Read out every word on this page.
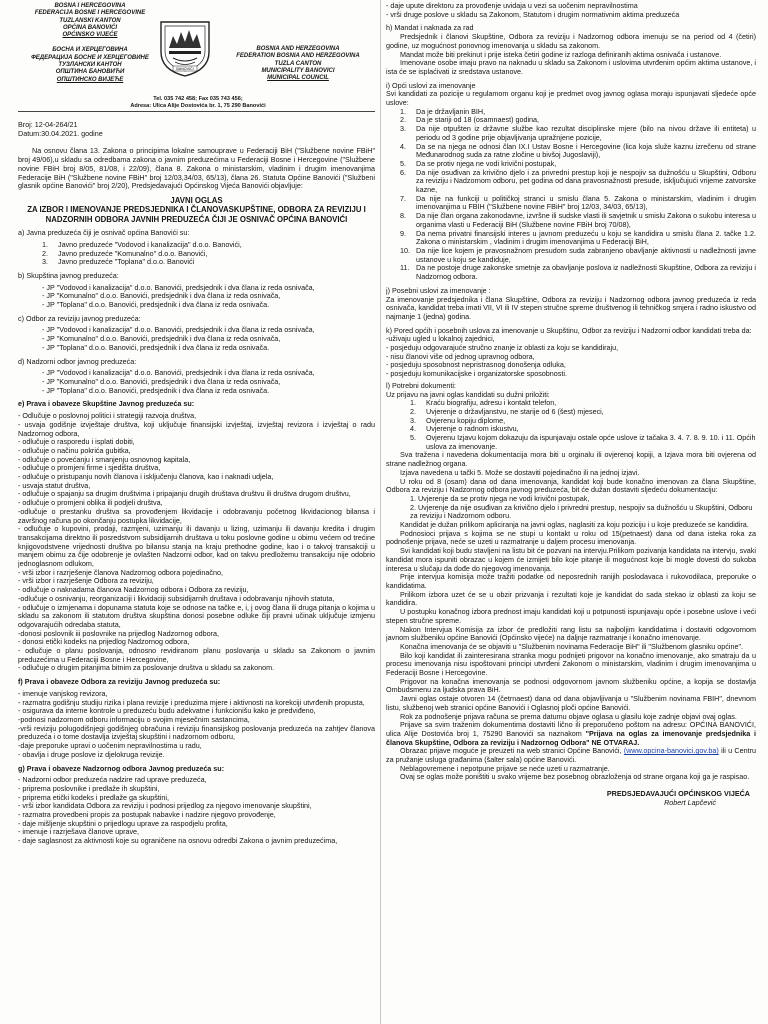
BOSNA I HERCEGOVINA

FEDERACIJA BOSNE I HERCEGOVINE

TUZLANSKI KANTON

OPĆINA BANOVIĆI

OPĆINSKO VIJEĆE

БОСНА И ХЕРЦЕГОВИНА

ФЕДЕРАЦИЈА БОСНЕ И ХЕРЦЕГОВИНЕ

ТУЗЛАНСКИ КАНТОН

ОПШТИНА БАНОВИЋИ

ОПШТИНСКО ВИЈЕЋЕ

BANOVIĆI

BOSNIA AND HERZEGOVINA

FEDERATION BOSNIA AND HERZEGOVINA

TUZLA CANTON

MUNICIPALITY BANOVICI

MUNICIPAL COUNCIL

Tel. 035 742 458; Fax 035 743 456;
Adresa: Ulica Alije Dostovića br. 1, 75 290 Banovići

Broj: 12-04-264/21

Datum:30.04.2021. godine

Na osnovu člana 13. Zakona o principima lokalne samouprave u Federaciji BiH ("Službene novine FBiH" broj 49/06),u skladu sa odredbama zakona o javnim preduzećima u Federaciji Bosne i Hercegovine ("Službene novine FBiH broj 8/05, 81/08, i 22/09), člana 8. Zakona o ministarskim, vladinim i drugim imenovanjima Federacije BiH ("Službene novine FBiH" broj 12/03,34/03, 65/13), člana 26. Statuta Općine Banovići ("Službeni glasnik općine Banovići" broj 2/20), Predsjedavajući Općinskog Vijeća Banovići objavljuje:

JAVNI OGLAS

ZA IZBOR I IMENOVANJE PREDSJEDNIKA I ČLANOVASKUPŠTINE, ODBORA ZA REVIZIJU I NADZORNIH ODBORA JAVNIH PREDUZEĆA ČIJI JE OSNIVAČ OPĆINA BANOVIĆI

a) Javna preduzeća čiji je osnivač općina Banovići su:

1.	Javno preduzeće "Vodovod i kanalizacija" d.o.o. Banovići,
2.	Javno preduzeće "Komunalno" d.o.o. Banovići,
3.	Javno preduzeće "Toplana" d.o.o. Banovići

b) Skupština javnog preduzeća:

- JP "Vodovod i kanalizacija" d.o.o. Banovići, predsjednik i dva člana iz reda osnivača,

- JP "Komunalno" d.o.o. Banovići, predsjednik i dva člana iz reda osnivača,

- JP "Toplana" d.o.o. Banovići, predsjednik i dva člana iz reda osnivača.

c) Odbor za reviziju javnog preduzeća:

- JP "Vodovod i kanalizacija" d.o.o. Banovići, predsjednik i dva člana iz reda osnivača,

- JP "Komunalno" d.o.o. Banovići, predsjednik i dva člana iz reda osnivača,

- JP "Toplana" d.o.o. Banovići, predsjednik i dva člana iz reda osnivača.

d) Nadzorni odbor javnog preduzeća:

- JP "Vodovod i kanalizacija" d.o.o. Banovići, predsjednik i dva člana iz reda osnivača,

- JP "Komunalno" d.o.o. Banovići, predsjednik i dva člana iz reda osnivača,

- JP "Toplana" d.o.o. Banovići, predsjednik i dva člana iz reda osnivača.

e) Prava i obaveze Skupštine Javnog preduzeća su:

- Odlučuje o poslovnoj politici i strategiji razvoja društva,

- usvaja godišnje izvještaje društva, koji uključuje finansijski izvještaj, izvještaj revizora i izvještaj o radu Nadzornog odbora,

- odlučuje o rasporedu i isplati dobiti,

- odlučuje o načinu pokrića gubitka,

- odlučuje o povećanju i smanjenju osnovnog kapitala,

- odlučuje o promjeni firme i sjedišta društva,

- odlučuje o pristupanju novih članova i isključenju članova, kao i naknadi udjela,

- usvaja statut društva,

- odlučuje o spajanju sa drugim društvima i pripajanju drugih društava društvu ili društva drugom društvu,

- odlučuje o promjeni oblika ili podjeli društva,

-odlučuje o prestanku društva sa provođenjem likvidacije i odobravanju početnog likvidacionog bilansa i završnog računa po okončanju postupka likvidacije,

- odlučuje o kupovini, prodaji, razmjeni, uzimanju ili davanju u lizing, uzimanju ili davanju kredita i drugim transakcijama direktno ili posredstvom subsidijarnih društava u toku poslovne godine u obimu većem od trećine knjigovodstvene vrijednosti društva po bilansu stanja na kraju prethodne godine, kao i o takvoj transakciji u manjem obimu za čije odobrenje je ovlašten Nadzorni odbor, kad on takvu predložemu transakciju nije odobrio jednoglasnom odlukom,

- vrši izbor i razrješenje članova Nadzornog odbora pojedinačno,

- vrši izbor i razrješenje Odbora za reviziju,

- odlučuje o naknadama članova Nadzornog odbora i Odbora za reviziju,

-odlučuje o osnivanju, reorganizaciji i likvidaciji subsidijarnih društava i odobravanju njihovih statuta,

- odlučuje o izmjenama i dopunama statuta koje se odnose na tačke e, i, j ovog člana ili druga pitanja o kojima u skladu sa zakonom ili statutom društva skupština donosi posebne odluke čiji pravni učinak uključuje izmjenu odgovarajućih odredaba statuta,

-donosi poslovnik iii poslovnike na prijedlog Nadzornog odbora,

- donosi etički kodeks na prijedlog Nadzornog odbora,

- odlučuje o planu poslovanja, odnosno revidiranom planu poslovanja u skladu sa Zakonom o javnim preduzećima u Federaciji Bosne i Hercegovine,

- odlučuje o drugim pitanjima bitnim za poslovanje društva u skladu sa zakonom.

f) Prava i obaveze Odbora za reviziju Javnog preduzeća su:

- imenuje vanjskog revizora,

- razmatra godišnju studiju rizika i plana revizije i preduzima mjere i aktivnosti na korekciji utvrđenih propusta,

- osigurava da interne kontrole u preduzeću budu adekvatne i funkcionišu kako je predviđeno,

-podnosi nadzornom odboru informaciju o svojim mjesečnim sastancima,

-vrši reviziju polugodišnjegi godišnjeg obračuna i reviziju finansijskog poslovanja preduzeća na zahtjev članova preduzeća i o tome dostavlja izvještaj skupštini i nadzornom odboru,

-daje preporuke upravi o uočenim nepravilnostima u radu,

- obavlja i druge poslove iz djelokruga revizije.

g) Prava i obaveze Nadzornog odbora Javnog preduzeća su:

- Nadzorni odbor preduzeća nadzire rad uprave preduzeća,

- priprema poslovnike i predlaže ih skupštini,

- priprema etički kodeks i predlaže ga skupštini,

- vrši izbor kandidata Odbora za reviziju i podnosi prijedlog za njegovo imenovanje skupštini,

- razmatra provedbeni propis za postupak nabavke i nadzire njegovo provođenje,

- daje mišljenje skupštini o prijedlogu uprave za raspodjelu profita,

- imenuje i razrješava članove uprave,

- daje saglasnost za aktivnosti koje su ograničene na osnovu odredbi Zakona o javnim preduzećima,

- daje upute direktoru za provođenje uvidaja u vezi sa uočenim nepravilnostima

- vrši druge poslove u skladu sa Zakonom, Statutom i drugim normativnim aktima preduzeća

h) Mandat i naknada za rad

Predsjednik i članovi Skupštine, Odbora za reviziju i Nadzornog odbora imenuju se na period od 4 (četiri) godine, uz mogućnost ponovnog imenovanja u skladu sa zakonom.

Mandat može biti prekinut i prije isteka četiri godine iz razloga definiranih aktima osnivača i ustanove.

Imenovane osobe imaju pravo na naknadu u skladu sa Zakonom i uslovima utvrđenim općim aktima ustanove, i ista će se isplaćivati iz sredstava ustanove.

i) Opći uslovi za imenovanje

Svi kandidati za pozicije u regulamom organu koji je predmet ovog javnog oglasa moraju ispunjavati sljedeće opće uslove:

1.	Da je državljanin BIH,
2.	Da je stariji od 18 (osamnaest) godina,
3.	Da nije otpušten iz državne službe kao rezultat disciplinske mjere (bilo na nivou države ili entiteta) u periodu od 3 godine prije objavljivanja upražnjene pozicije,
4.	Da se na njega ne odnosi član IX.I Ustav Bosne i Hercegovine (lica koja služe kaznu izrečenu od strane Međunarodnog suda za ratne zločine u bivšoj Jugoslaviji),
5.	Da se protiv njega ne vodi krivični postupak,
6.	Da nije osuđivan za krivično djelo i za privredni prestup koji je nespojiv sa dužnošću u Skupštini, Odboru za reviziju i Nadzornom odboru, pet godina od dana pravosnažnosti presude, isključujući vrijeme zatvorske kazne,
7.	Da nije na funkciji u političkoj stranci u smislu člana 5. Zakona o ministarskim, vladinim i drugim imenovanjima u FBIH ("Službene novine FBiH" broj 12/03, 34/03, 65/13),
8.	Da nije član organa zakonodavne, izvršne ili sudske vlasti ili savjetnik u smislu Zakona o sukobu interesa u organima vlasti u Federaciji BiH (Službene novine FBiH broj 70/08),
9.	Da nema privatni finansijski interes u javnom preduzeću u koju se kandidira u smislu člana 2. tačke 1.2. Zakona o ministarskim , vladinim i drugim imenovanjima u Federaciji BiH,
10. Da nije lice kojem je pravosnažnom presudom suda zabranjeno obavljanje aktivnosti u nadležnosti javne ustanove u koju se kandiduje,
11. Da ne postoje druge zakonske smetnje za obavljanje poslova iz nadležnosti Skupštine, Odbora za reviziju i Nadzornog odbora.

j) Posebni uslovi za imenovanje :

Za imenovanje predsjednika i člana Skupštine, Odbora za reviziju i Nadzornog odbora javnog preduzeća iz reda osnivača, kandidat treba imati VII, VI ili IV stepen stručne spreme društvenog ili tehničkog smjera i radno iskustvo od najmanje 1 (jedna) godina.

k) Pored općih i posebnih uslova za imenovanje u Skupštinu, Odbor za reviziju i Nadzorni odbor kandidati treba da:

-uživaju ugled u lokalnoj zajednici,

- posjeduju odgovarajuće stručno znanje iz oblasti za koju se kandidiraju,

- nisu članovi više od jednog upravnog odbora,

- posjeduju sposobnost nepristrasnog donošenja odluka,

- posjeduju komunikacijske i organizatorske sposobnosti.

l) Potrebni dokumenti:

Uz prijavu na javni oglas kandidati su dužni priložiti:

1.	Kraću biografiju, adresu i kontakt telefon,
2.	Uvjerenje o državljanstvu, ne starije od 6 (šest) mjeseci,
3.	Ovjerenu kopiju diplome,
4.	Uvjerenje o radnom iskustvu,
5.	Ovjerenu Izjavu kojom dokazuju da ispunjavaju ostale opće uslove iz tačaka 3. 4. 7. 8. 9. 10. i 11. Općih uslova za imenovanje.

Sva tražena i navedena dokumentacija mora biti u orginalu ili ovjerenoj kopiji, a Izjava mora biti ovjerena od strane nadležnog organa.

Izjava navedena u tački 5. Može se dostaviti pojedinačno ili na jednoj izjavi.

U roku od 8 (osam) dana od dana imenovanja, kandidat koji bude konačno imenovan za člana Skupštine, Odbora za reviziju i Nadzornog odbora javnog preduzeća, bit će dužan dostaviti sljedeću dokumentaciju:

1. Uvjerenje da se protiv njega ne vodi krivični postupak,

2. Uvjerenje da nije osuđivan za krivično djelo i privredni prestup, nespojiv sa dužnošću u Skupštini, Odboru za reviziju i Nadzornom odboru.

Kandidat je dužan prilikom apliciranja na javni oglas, naglasiti za koju poziciju i u koje preduzeće se kandidira.

Podnosioci prijava s kojima se ne stupi u kontakt u roku od 15(petnaest) dana od dana isteka roka za podnošenje prijava, neće se uzeti u razmatranje u daljem procesu imenovanja.

Svi kandidati koji budu stavljeni na listu bit će pozvani na intervju.Prilikom pozivanja kandidata na intervju, svaki kandidat mora ispuniti obrazac u kojem će izmijeti bilo koje pitanje ili mogućnost koje bi mogle dovesti do sukoba interesa u slučaju da dođe do njegovog imenovanja.

Prije intervjua komisija može tražiti podatke od neposrednih ranijih poslodavaca i rukovodilaca, preporuke o kandidatima.

Prilikom izbora uzet će se u obzir prizvanja i rezultati koje je kandidat do sada stekao iz oblasti za koju se kandidira.

U postupku konačnog izbora prednost imaju kandidati koji u potpunosti ispunjavaju opće i posebne uslove i veći stepen stručne spreme.

Nakon Intervjua Komisija za izbor će predložiti rang listu sa najboljim kandidatima i dostaviti odgovornom javnom službeniku općine Banovići (Općinsko vijeće) na daljnje razmatranje i konačno imenovanje.

Konačna imenovanja će se objaviti u "Službenim novinama Federacije BiH" ili "Službenom glasniku općine".

Bilo koji kandidat ili zainteresirana stranka mogu podnijeti prigovor na konačno imenovanje, ako smatraju da u procesu imenovanja nisu ispoštovani principi utvrđeni Zakonom o ministarskim, vladinim i drugim imenovanjima u Federaciji Bosne i Hercegovine.

Prigovor na konačna imenovanja se podnosi odgovornom javnom službeniku općine, a kopija se dostavlja Ombudsmenu za ljudska prava BiH.

Javni oglas ostaje otvoren 14 (četrnaest) dana od dana objavljivanja u "Službenim novinama FBIH", dnevnom listu, službenoj web stranici općine Banovići i Oglasnoj ploči općine Banovići.

Rok za podnošenje prijava računa se prema datumu objave oglasa u glasilu koje zadnje objavi ovaj oglas.

Prijave sa svim traženim dokumentima dostaviti lično ili preporučeno poštom na adresu: OPĆINA BANOVIĆI, ulica Alije Dostovića broj 1, 75290 Banovići sa naznakom "Prijava na oglas za imenovanje predsjednika i članova Skupštine, Odbora za reviziju i Nadzornog Odbora" NE OTVARAJ.

Obrazac prijave moguće je preuzeti na web stranici Općine Banovići, (www.opcina-banovici.gov.ba) ili u Centru za pružanje usluga građanima (šalter sala) općine Banovići.

Neblagovremene i nepotpune prijave se neće uzeti u razmatranje.

Ovaj se oglas može poništiti u svako vrijeme bez posebnog obrazloženja od strane organa koji ga je raspisao.

PREDSJEDAVAJUĆI OPĆINSKOG VIJEĆA

Robert Lapčević
